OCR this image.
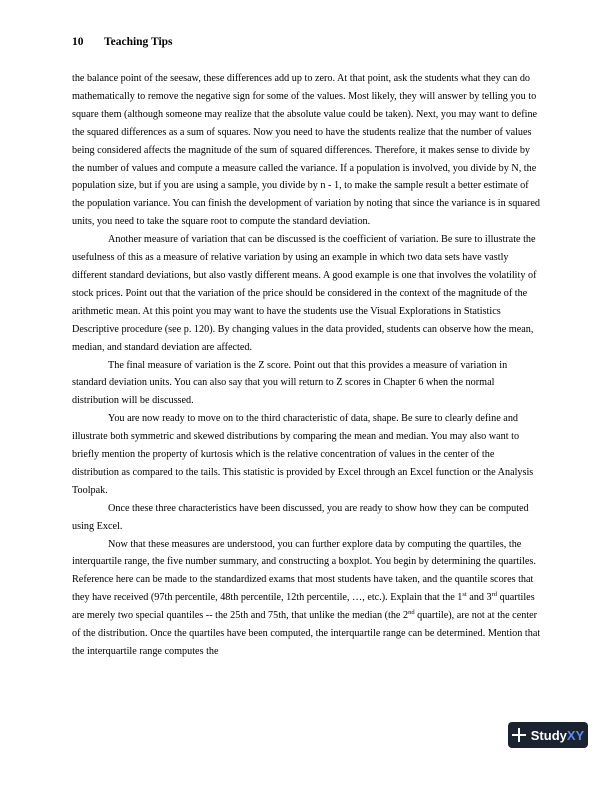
10 Teaching Tips

the balance point of the seesaw, these differences add up to zero. At that point, ask the students what they can do mathematically to remove the negative sign for some of the values. Most likely, they will answer by telling you to square them (although someone may realize that the absolute value could be taken). Next, you may want to define the squared differences as a sum of squares. Now you need to have the students realize that the number of values being considered affects the magnitude of the sum of squared differences. Therefore, it makes sense to divide by the number of values and compute a measure called the variance. If a population is involved, you divide by N, the population size, but if you are using a sample, you divide by n - 1, to make the sample result a better estimate of the population variance. You can finish the development of variation by noting that since the variance is in squared units, you need to take the square root to compute the standard deviation.

Another measure of variation that can be discussed is the coefficient of variation. Be sure to illustrate the usefulness of this as a measure of relative variation by using an example in which two data sets have vastly different standard deviations, but also vastly different means. A good example is one that involves the volatility of stock prices. Point out that the variation of the price should be considered in the context of the magnitude of the arithmetic mean. At this point you may want to have the students use the Visual Explorations in Statistics Descriptive procedure (see p. 120). By changing values in the data provided, students can observe how the mean, median, and standard deviation are affected.

The final measure of variation is the Z score. Point out that this provides a measure of variation in standard deviation units. You can also say that you will return to Z scores in Chapter 6 when the normal distribution will be discussed.

You are now ready to move on to the third characteristic of data, shape. Be sure to clearly define and illustrate both symmetric and skewed distributions by comparing the mean and median. You may also want to briefly mention the property of kurtosis which is the relative concentration of values in the center of the distribution as compared to the tails. This statistic is provided by Excel through an Excel function or the Analysis Toolpak.

Once these three characteristics have been discussed, you are ready to show how they can be computed using Excel.

Now that these measures are understood, you can further explore data by computing the quartiles, the interquartile range, the five number summary, and constructing a boxplot. You begin by determining the quartiles. Reference here can be made to the standardized exams that most students have taken, and the quantile scores that they have received (97th percentile, 48th percentile, 12th percentile, …, etc.). Explain that the 1st and 3rd quartiles are merely two special quantiles -- the 25th and 75th, that unlike the median (the 2nd quartile), are not at the center of the distribution. Once the quartiles have been computed, the interquartile range can be determined. Mention that the interquartile range computes the

Study XY
